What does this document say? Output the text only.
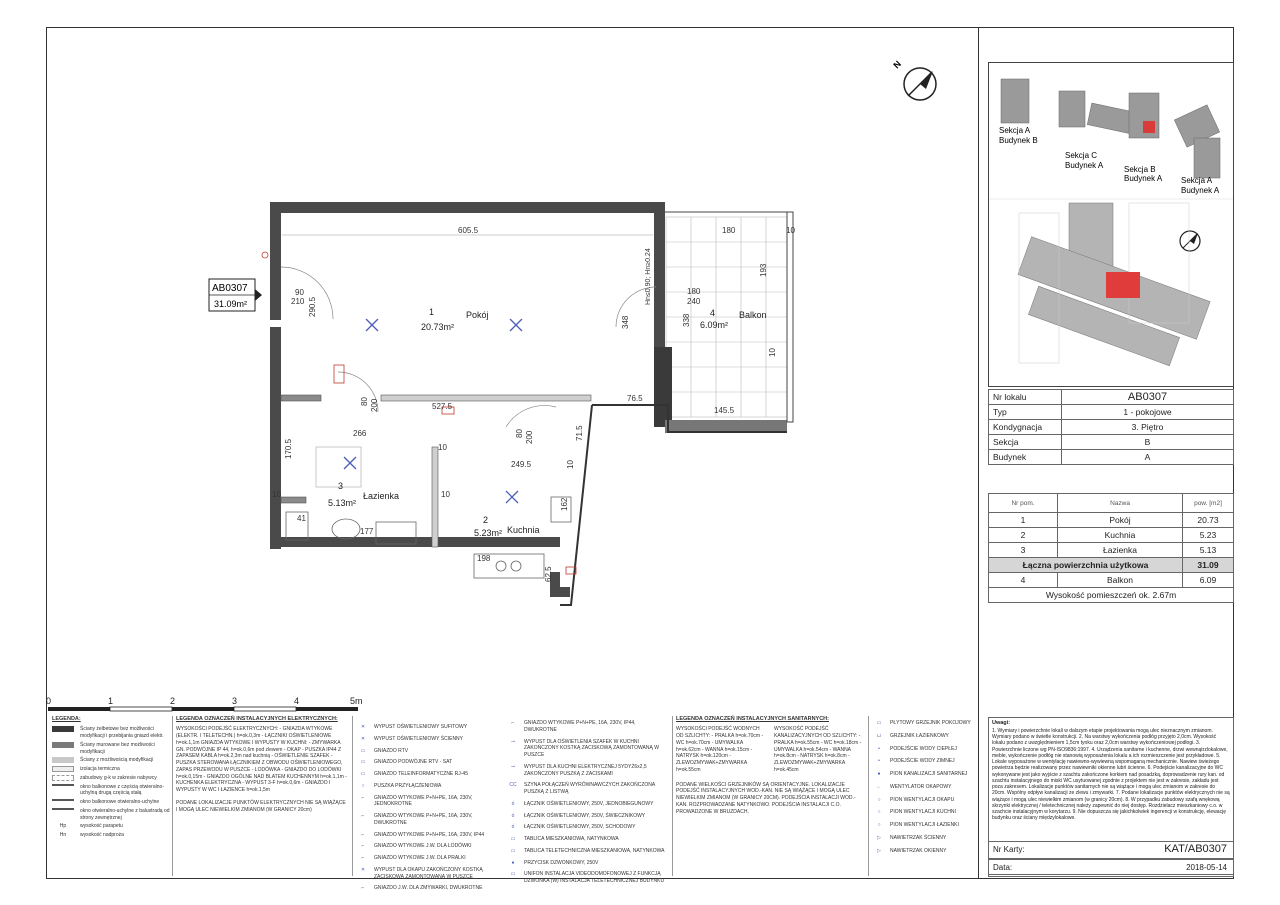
N
1	Pokój
20.73m²
2
Kuchnia
5.23m²
3
Łazienka
5.13m²
4	Balkon
6.09m²
AB0307
31.09m²
605.5	180	10
193
290.5
90
210
180
240
348	338
Hn≤0.90; Hn≥0.24
527.5
266
200
80
170.5
249.5
200
80
10
71.5
76.5
145.5
10
10
177
162
198
41
62.5
10
10
0	1	2	3	4	5m
LEGENDA:
Ściany żelbetowe bez możliwości modyfikacji i przebijania gniazd elektr.
Ściany murowane bez możliwości modyfikacji
Ściany z możliwością modyfikacji
izolacja termiczna
zabudowy g-k w zakresie nabywcy
okno balkonowe z częścią otwieralno-uchylną drugą częścią stałą
okno balkonowe otwieralno-uchylne
okno otwieralno-uchylne z balustradą od strony zewnętrznej
Hp	wysokość parapetu
Hn	wysokość nadproża
LEGENDA OZNACZEŃ INSTALACYJNYCH ELEKTRYCZNYCH:
WYSOKOŚCI PODEJŚĆ ELEKTRYCZNYCH: - GNIAZDA WTYKOWE (ELEKTR. I TELETECHN.) h=ok.0,3m - ŁĄCZNIKI OŚWIETLENIOWE h=ok.1,1m GNIAZDA WTYKOWE I WYPUSTY W KUCHNI: - ZMYWARKA GN. PODWÓJNE IP 44, h=ok.0,6m pod zlewem - OKAP - PUSZKA IP44 Z ZAPASEM KABLA h=ok.2,3m nad kuchnią - OŚWIETLENIE SZAFEK - PUSZKA STEROWANA ŁĄCZNIKIEM Z OBWODU OŚWIETLENIOWEGO, ZAPAS PRZEWODU W PUSZCE - LODÓWKA - GNIAZDO DO LODÓWKI h=ok.0,15m - GNIAZDO OGÓLNE NAD BLATEM KUCHENNYM h=ok.1,1m - KUCHENKA ELEKTRYCZNA - WYPUST 3-F h=ok.0,6m - GNIAZDO I WYPUSTY W WC I ŁAZIENCE h=ok.1,5m
PODANE LOKALIZACJE PUNKTÓW ELEKTRYCZNYCH NIE SĄ WIĄŻĄCE I MOGĄ ULEC NIEWIELKIM ZMIANOM (W GRANICY 20cm)
✕	WYPUST OŚWIETLENIOWY SUFITOWY
✕	WYPUST OŚWIETLENIOWY ŚCIENNY
▭	GNIAZDO RTV
▭	GNIAZDO PODWÓJNE RTV - SAT
▭	GNIAZDO TELEINFORMATYCZNE RJ-45
○	PUSZKA PRZYŁĄCZENIOWA
⌐	GNIAZDO WTYKOWE P+N+PE, 16A, 230V, JEDNOKROTNE
⌐	GNIAZDO WTYKOWE P+N+PE, 16A, 230V, DWUKROTNE
⌐	GNIAZDO WTYKOWE P+N+PE, 16A, 230V, IP44
⌐	GNIAZDO WTYKOWE J.W. DLA LODÓWKI
⌐	GNIAZDO WTYKOWE J.W. DLA PRALKI
✕	WYPUST DLA OKAPU ZAKOŃCZONY KOSTKĄ ZACISKOWĄ ZAMONTOWANĄ W PUSZCE
⌐	GNIAZDO J.W. DLA ZMYWARKI, DWUKROTNE
⌐	GNIAZDO WTYKOWE P+N+PE, 16A, 230V, IP44, DWUKROTNE
⊸	WYPUST DLA OŚWIETLENIA SZAFEK W KUCHNI ZAKOŃCZONY KOSTKĄ ZACISKOWĄ ZAMONTOWANĄ W PUSZCE
⊸	WYPUST DLA KUCHNI ELEKTRYCZNEJ 5YDYŻ6x2,5 ZAKOŃCZONY PUSZKĄ Z ZACISKAMI
CC	SZYNA POŁĄCZEŃ WYRÓWNAWCZYCH ZAKOŃCZONA PUSZKĄ Z LISTWĄ
ό	ŁĄCZNIK OŚWIETLENIOWY, 250V, JEDNOBIEGUNOWY
ό	ŁĄCZNIK OŚWIETLENIOWY, 250V, ŚWIECZNIKOWY
ό	ŁĄCZNIK OŚWIETLENIOWY, 250V, SCHODOWY
▭	TABLICA MIESZKANIOWA, NATYNKOWA
▭	TABLICA TELETECHNICZNA MIESZKANIOWA, NATYNKOWA
●	PRZYCISK DZWONKOWY, 250V
▭	UNIFON INSTALACJA VIDEODOMOFONOWEJ Z FUNKCJĄ DZWONKA (W) INSTALACJA TELETECHNICZNEJ BUDYNKU
LEGENDA OZNACZEŃ INSTALACYJNYCH SANITARNYCH:
WYSOKOŚCI PODEJŚĆ WODNYCH OD SZLICHTY: - PRALKA h=ok.70cm - WC h=ok.70cm - UMYWALKA h=ok.62cm - WANNA h=ok.15cm - NATRYSK h=ok.120cm - ZLEWOZMYWAK+ZMYWARKA h=ok.55cm
WYSOKOŚĆ PODEJŚĆ KANALIZACYJNYCH OD SZLICHTY: - PRALKA h=ok.55cm - WC h=ok.18cm - UMYWALKA h=ok.54cm - WANNA h=ok.8cm - NATRYSK h=ok.8cm - ZLEWOZMYWAK+ZMYWARKA h=ok.45cm
PODANE WIELKOŚCI GRZEJNIKÓW SĄ ORIENTACYJNE. LOKALIZACJE PODEJŚĆ INSTALACYJNYCH WOD.-KAN. NIE SĄ WIĄŻĄCE I MOGĄ ULEC NIEWIELKIM ZMIANOM (W GRANICY 20CM). PODEJŚCIA INSTALACJI WOD.-KAN. ROZPROWADZANE NATYNKOWO. PODEJŚCIA INSTALACJI C.O. PROWADZONE W BRUZDACH.
▭	PŁYTOWY GRZEJNIK POKOJOWY
⊔	GRZEJNIK ŁAZIENKOWY
•	PODEJŚCIE WODY CIEPŁEJ
•	PODEJŚCIE WODY ZIMNEJ
●	PION KANALIZACJI SANITARNEJ
←	WENTYLATOR OKAPOWY
○	PION WENTYLACJI OKAPU
○	PION WENTYLACJI KUCHNI
○	PION WENTYLACJI ŁAZIENKI
▷	NAWIETRZAK ŚCIENNY
▷	NAWIETRZAK OKIENNY
Sekcja A
Budynek B
Sekcja C
Budynek A	Sekcja B
Budynek A Sekcja A
Budynek A
Nr lokalu	AB0307
Typ	1 - pokojowe
Kondygnacja	3. Piętro
Sekcja	B
Budynek	A
Nr pom.	Nazwa	pow. [m2]
1	Pokój	20.73
2	Kuchnia	5.23
3	Łazienka	5.13
Łączna powierzchnia użytkowa		31.09
4	Balkon	6.09
Wysokość pomieszczeń ok. 2.67m		
Uwagi:
1. Wymiary i powierzchnie lokali w dalszym etapie projektowania mogą ulec nieznacznym zmianom. Wymiary podano w świetle konstrukcji. 2. Na warstwy wykończenia podłóg przyjęto 2,0cm. Wysokość lokalu podano z uwzględnieniem 1,5cm tynku oraz 2,0cm warstwy wykończeniowej podłogi. 3. Powierzchnie liczone wg PN-ISO9836:1997. 4. Urządzenia sanitarne i kuchenne, drzwi wewnątrzlokalowe, meble, wykończenie podłóg nie stanowią wyposażenia lokalu a ich rozmieszczenie jest przykładowe. 5. Lokale wyposażone w wentylację nawiewno-wywiewną wspomaganą mechanicznie. Nawiew świeżego powietrza będzie realizowany przez nawiewniki okienne lubń ścienne. 6. Podejście kanalizacyjne do WC wykonywane jest jako wyjście z szachtu zakończone korkiem nad posadzką, doprowadzenie rury kan. od szachtu instalacyjnego do miski WC usytuowanej zgodnie z projektem nie jest w zakresie, zakładu jest poza zakresem. Lokalizacje punktów sanitarnych nie są wiążące i mogą ulec zmianom w zakresie do 20cm. Wspólny odpływ kanalizacji ze zlewu i zmywarki. 7. Podane lokalizacje punktów elektrycznych nie są wiążące i mogą ulec niewielkim zmianom (w granicy 20cm). 8. W przypadku zabudowy szafą wnękową skrzynki elektrycznej / teletechnicznej należy zapewnić do niej dostęp. Rozdzielacz mieszkaniowy c.o. w szachcie instalacyjnym w korytarzu. 9. Nie dopuszcza się jakichkolwiek ingerencji w konstrukcję, elewację budynku oraz ściany międzylokalowe.
Nr Karty:	KAT/AB0307
Data:	2018-05-14
